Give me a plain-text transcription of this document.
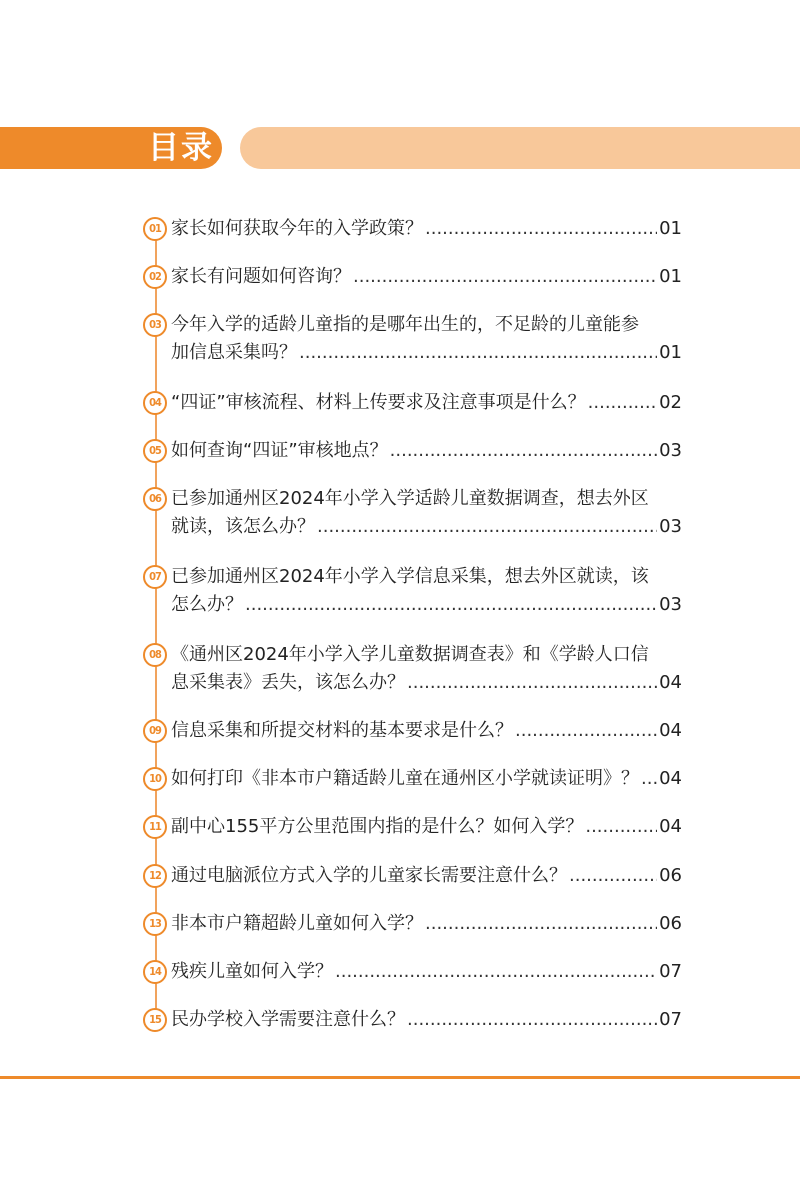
目录
01 家长如何获取今年的入学政策？ .....	01
02 家长有问题如何咨询？ .....	01
03 今年入学的适龄儿童指的是哪年出生的，不足龄的儿童能参
加信息采集吗？ .....	01
04 “四证”审核流程、材料上传要求及注意事项是什么？ .....	02
05 如何查询“四证”审核地点？ .....	03
06 已参加通州区2024年小学入学适龄儿童数据调查，想去外区
就读，该怎么办？ .....	03
07 已参加通州区2024年小学入学信息采集，想去外区就读，该
怎么办？ .....	03
08 《通州区2024年小学入学儿童数据调查表》和《学龄人口信
息采集表》丢失，该怎么办？ .....	04
09 信息采集和所提交材料的基本要求是什么？ .....	04
10 如何打印《非本市户籍适龄儿童在通州区小学就读证明》？ ..... 04
11 副中心155平方公里范围内指的是什么？如何入学？ .....	04
12 通过电脑派位方式入学的儿童家长需要注意什么？ .....	06
13 非本市户籍超龄儿童如何入学？ .....	06
14 残疾儿童如何入学？ .....	07
15 民办学校入学需要注意什么？ .....	07
